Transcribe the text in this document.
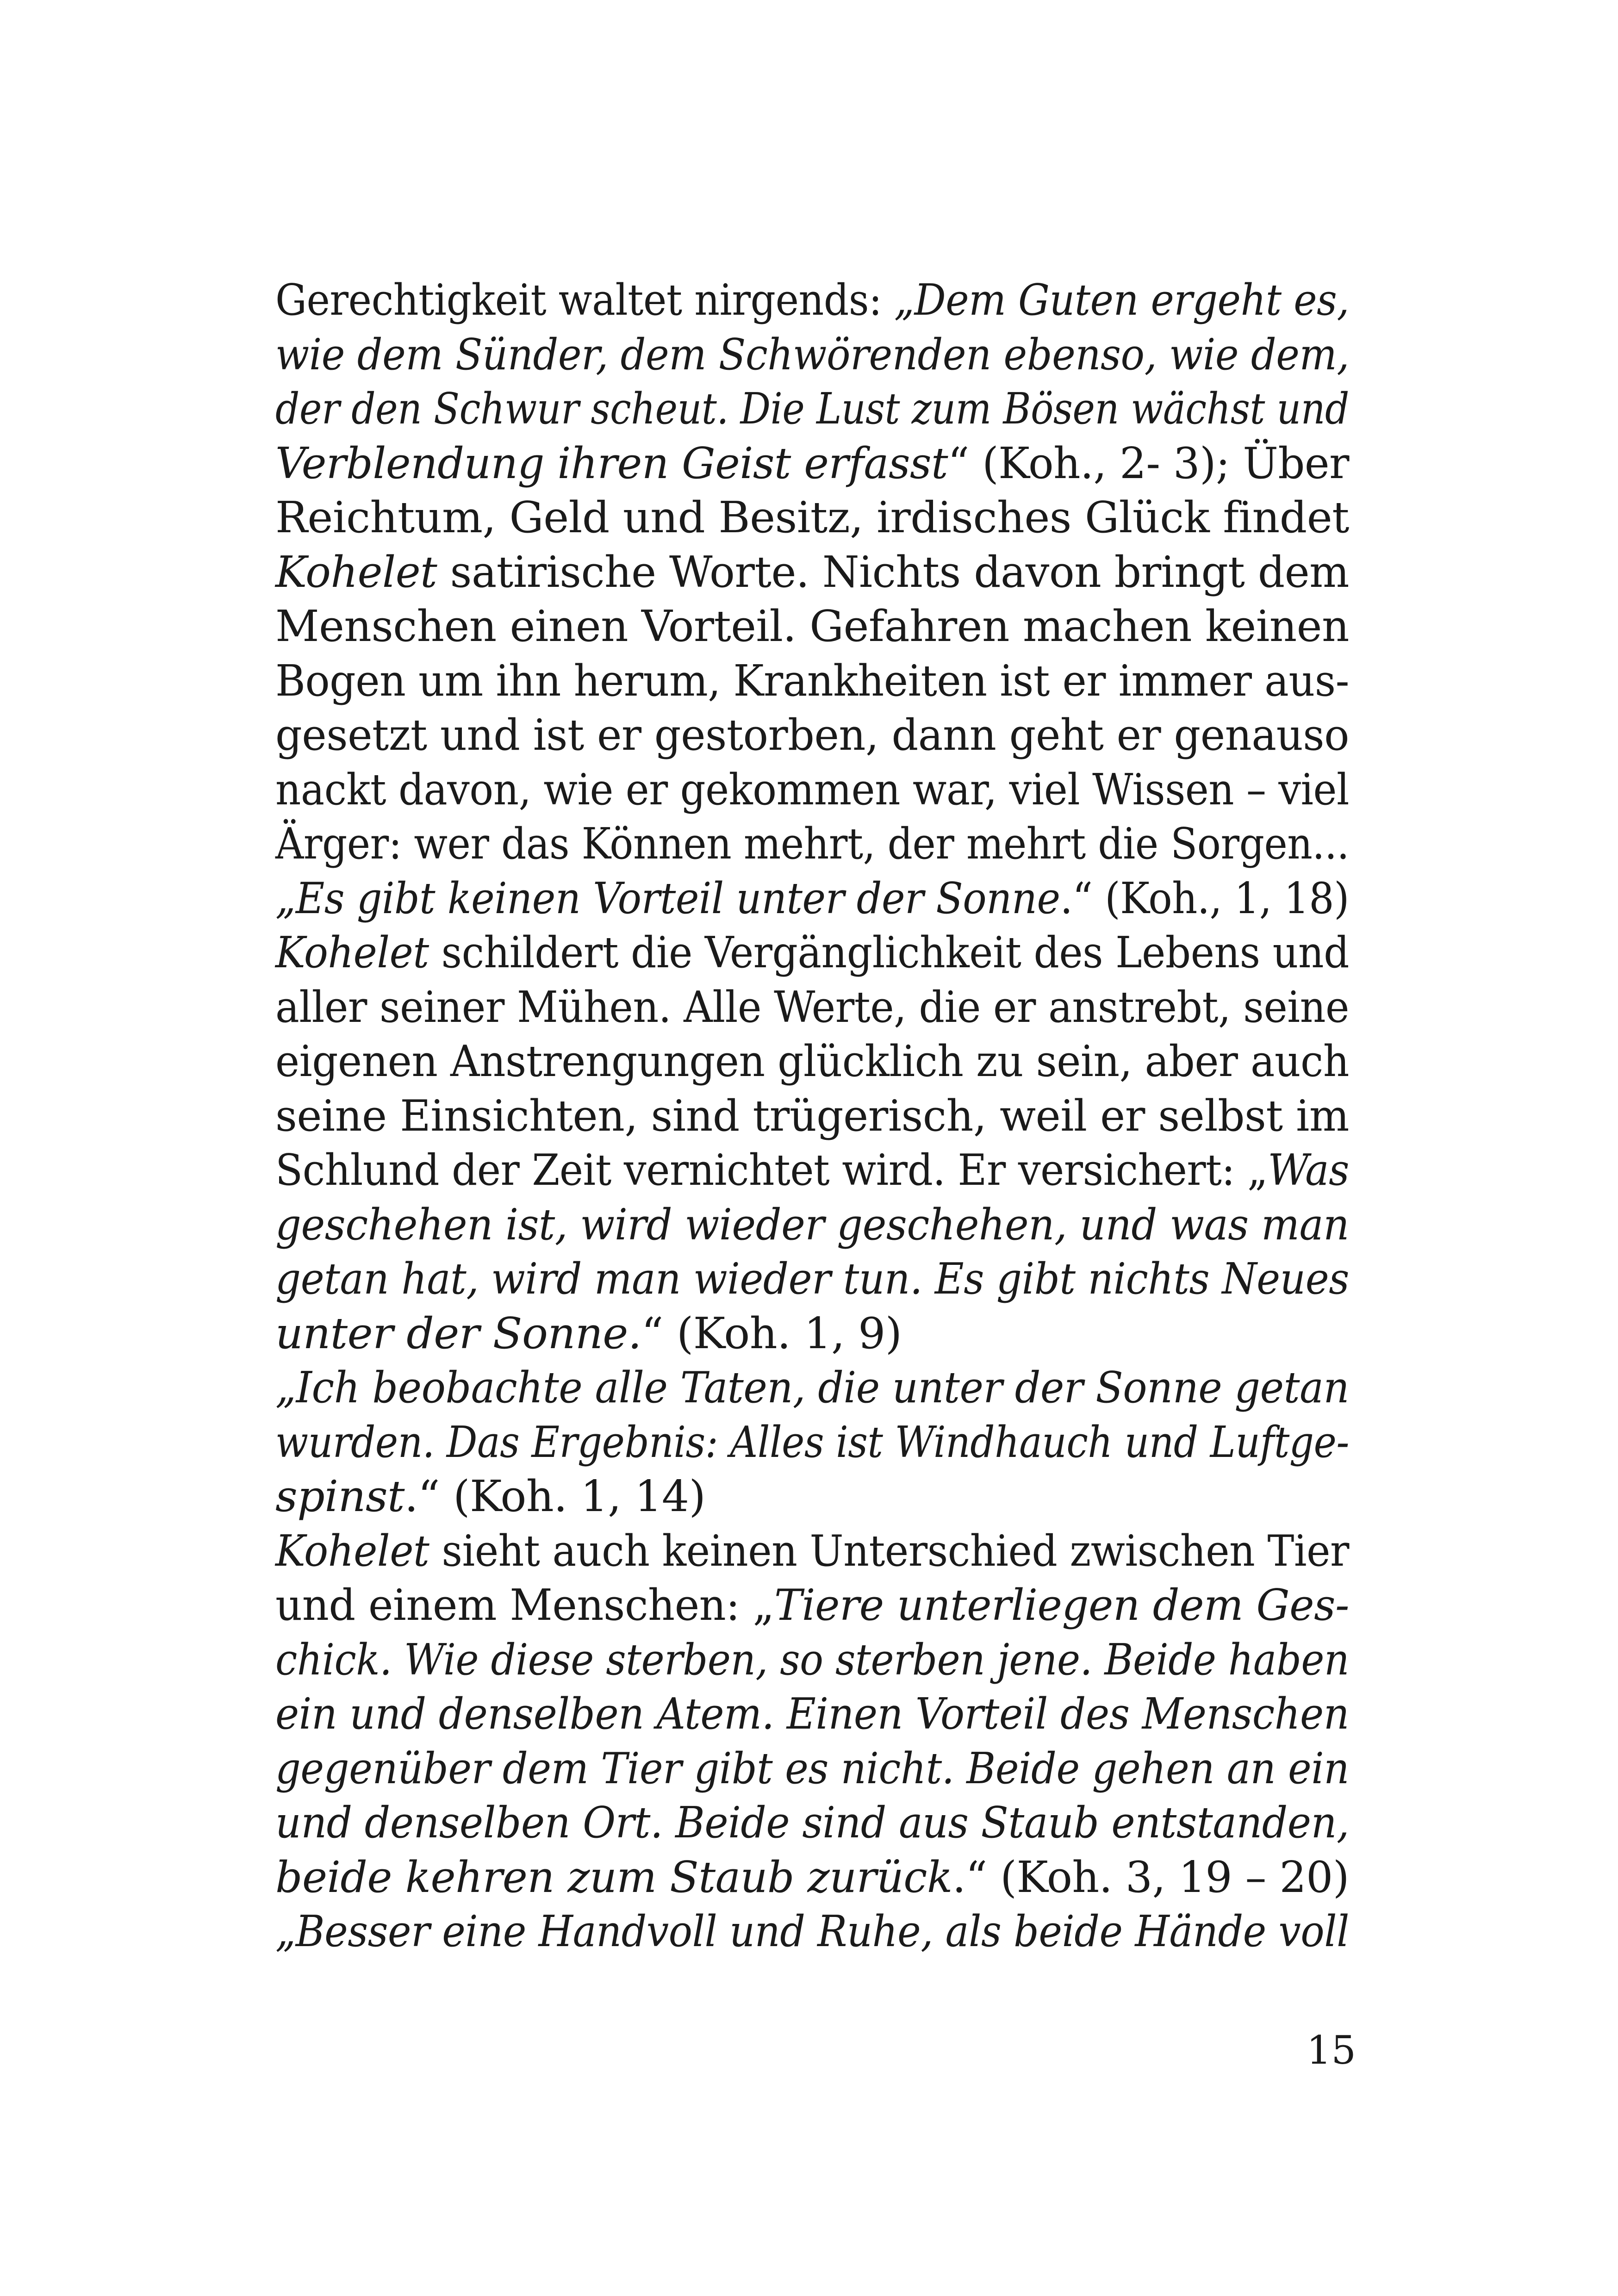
Gerechtigkeit waltet nirgends: „Dem Guten ergeht es,
wie dem Sünder, dem Schwörenden ebenso, wie dem,
der den Schwur scheut. Die Lust zum Bösen wächst und
Verblendung ihren Geist erfasst“ (Koh., 2- 3); Über
Reichtum, Geld und Besitz, irdisches Glück findet
Kohelet satirische Worte. Nichts davon bringt dem
Menschen einen Vorteil. Gefahren machen keinen
Bogen um ihn herum, Krankheiten ist er immer aus-
gesetzt und ist er gestorben, dann geht er genauso
nackt davon, wie er gekommen war, viel Wissen – viel
Ärger: wer das Können mehrt, der mehrt die Sorgen...
„Es gibt keinen Vorteil unter der Sonne.“ (Koh., 1, 18)
Kohelet schildert die Vergänglichkeit des Lebens und
aller seiner Mühen. Alle Werte, die er anstrebt, seine
eigenen Anstrengungen glücklich zu sein, aber auch
seine Einsichten, sind trügerisch, weil er selbst im
Schlund der Zeit vernichtet wird. Er versichert: „Was
geschehen ist, wird wieder geschehen, und was man
getan hat, wird man wieder tun. Es gibt nichts Neues
unter der Sonne.“ (Koh. 1, 9)
„Ich beobachte alle Taten, die unter der Sonne getan
wurden. Das Ergebnis: Alles ist Windhauch und Luftge-
spinst.“ (Koh. 1, 14)
Kohelet sieht auch keinen Unterschied zwischen Tier
und einem Menschen: „Tiere unterliegen dem Ges-
chick. Wie diese sterben, so sterben jene. Beide haben
ein und denselben Atem. Einen Vorteil des Menschen
gegenüber dem Tier gibt es nicht. Beide gehen an ein
und denselben Ort. Beide sind aus Staub entstanden,
beide kehren zum Staub zurück.“ (Koh. 3, 19 – 20)
„Besser eine Handvoll und Ruhe, als beide Hände voll
15
